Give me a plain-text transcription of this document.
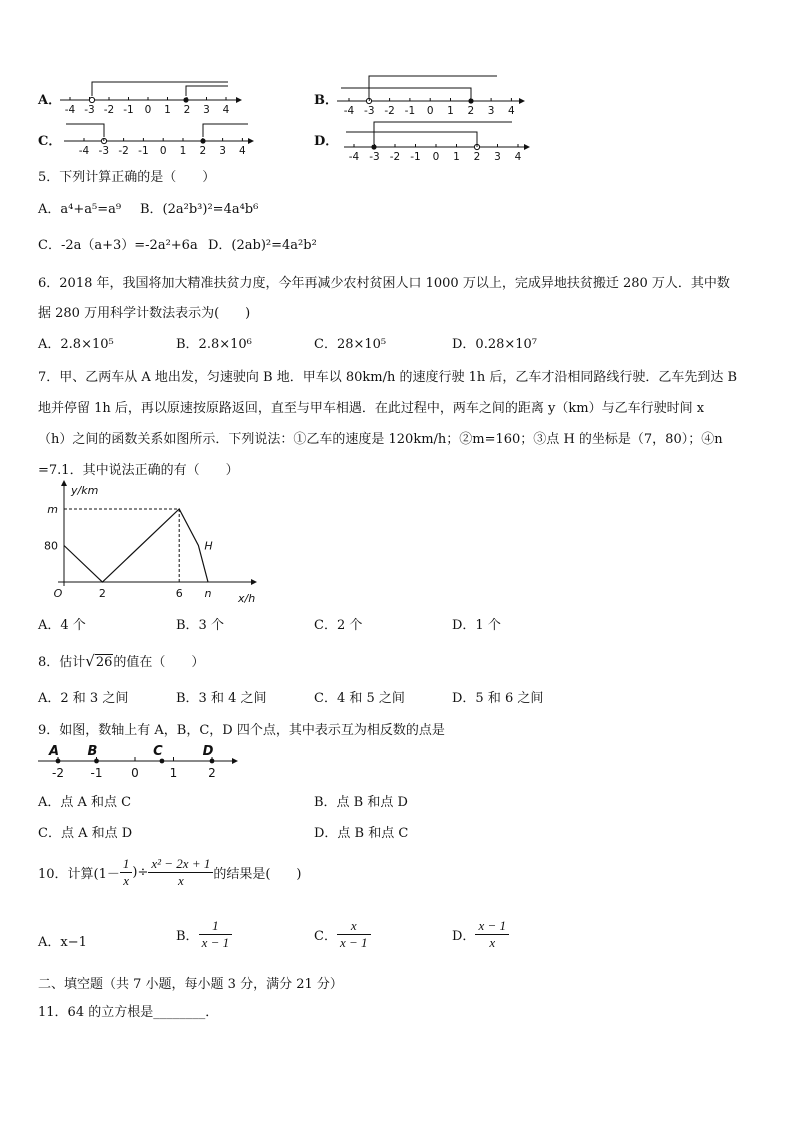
A．
-4 -3 -2 -1 0 1 2 3 4
B．
-4 -3 -2 -1 0 1 2 3 4
C．
-4 -3 -2 -1 0 1 2 3 4
D．
-4 -3 -2 -1 0 1 2 3 4
5．下列计算正确的是（　　）
A．a⁴+a⁵=a⁹ B．(2a²b³)²=4a⁴b⁶
C．-2a（a+3）=-2a²+6a D．(2ab)²=4a²b²
6．2018 年，我国将加大精准扶贫力度，今年再减少农村贫困人口 1000 万以上，完成异地扶贫搬迁 280 万人．其中数
据 280 万用科学计数法表示为(　　)
A．2.8×10⁵	B．2.8×10⁶	C．28×10⁵	D．0.28×10⁷
7．甲、乙两车从 A 地出发，匀速驶向 B 地．甲车以 80km/h 的速度行驶 1h 后，乙车才沿相同路线行驶．乙车先到达 B
地并停留 1h 后，再以原速按原路返回，直至与甲车相遇．在此过程中，两车之间的距离 y（km）与乙车行驶时间 x
（h）之间的函数关系如图所示．下列说法：①乙车的速度是 120km/h；②m=160；③点 H 的坐标是（7，80）；④n
=7.1．其中说法正确的有（　　）
y/km
m
80
O	2	6 n x/h
H
A．4 个	B．3 个	C．2 个	D．1 个
8．估计√26的值在（　　）
A．2 和 3 之间	B．3 和 4 之间	C．4 和 5 之间	D．5 和 6 之间
9．如图，数轴上有 A，B，C，D 四个点，其中表示互为相反数的点是
-2 -1 0	1	2
A B	C	D
A．点 A 和点 C	B．点 B 和点 D
C．点 A 和点 D	D．点 B 和点 C
10．计算($1- \frac{1}{x}$ )÷ $\frac{\text{x² − 2x + 1}}{x}$ 的结果是(　　)
A．x−1	B． $\frac{1}{x - 1}$	C． $\frac{x}{x - 1}$	D． $\frac{x - 1}{x}$
二、填空题（共 7 小题，每小题 3 分，满分 21 分）
11．64 的立方根是________．
